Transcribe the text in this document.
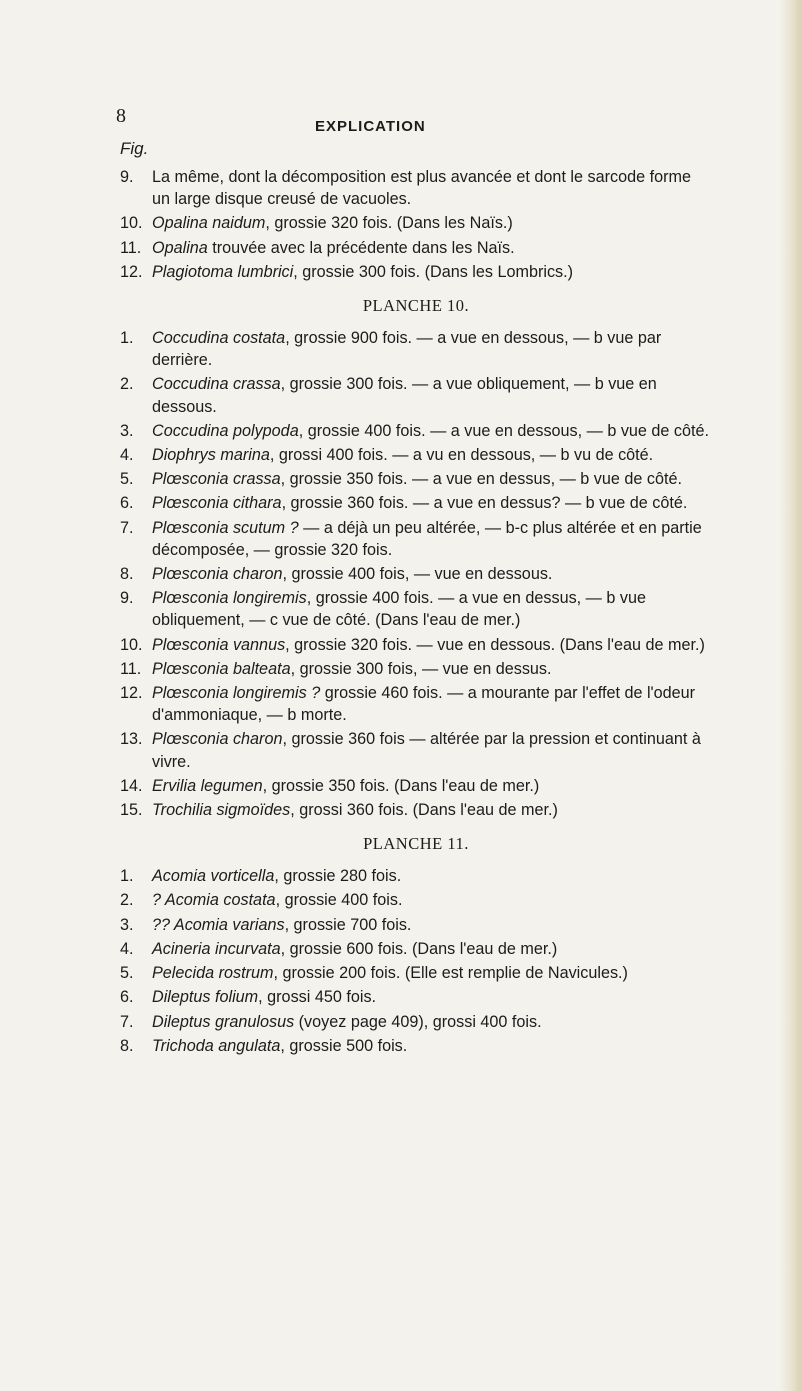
8	EXPLICATION
Fig.
9.	La même, dont la décomposition est plus avancée et dont le sarcode forme un large disque creusé de vacuoles.
10. Opalina naidum, grossie 320 fois. (Dans les Naïs.)
11. Opalina trouvée avec la précédente dans les Naïs.
12. Plagiotoma lumbrici, grossie 300 fois. (Dans les Lombrics.)
PLANCHE 10.
1.	Coccudina costata, grossie 900 fois. — a vue en dessous, — b vue par derrière.
2.	Coccudina crassa, grossie 300 fois. — a vue obliquement, — b vue en dessous.
3.	Coccudina polypoda, grossie 400 fois. — a vue en dessous, — b vue de côté.
4.	Diophrys marina, grossi 400 fois. — a vu en dessous, — b vu de côté.
5.	Plœsconia crassa, grossie 350 fois. — a vue en dessus, — b vue de côté.
6.	Plœsconia cithara, grossie 360 fois. — a vue en dessus? — b vue de côté.
7.	Plœsconia scutum ? — a déjà un peu altérée, — b-c plus altérée et en partie décomposée, — grossie 320 fois.
8.	Plœsconia charon, grossie 400 fois, — vue en dessous.
9.	Plœsconia longiremis, grossie 400 fois. — a vue en dessus, — b vue obliquement, — c vue de côté. (Dans l'eau de mer.)
10. Plœsconia vannus, grossie 320 fois. — vue en dessous. (Dans l'eau de mer.)
11. Plœsconia balteata, grossie 300 fois, — vue en dessus.
12. Plœsconia longiremis ? grossie 460 fois. — a mourante par l'effet de l'odeur d'ammoniaque, — b morte.
13. Plœsconia charon, grossie 360 fois — altérée par la pression et continuant à vivre.
14. Ervilia legumen, grossie 350 fois. (Dans l'eau de mer.)
15. Trochilia sigmoïdes, grossi 360 fois. (Dans l'eau de mer.)
PLANCHE 11.
1.	Acomia vorticella, grossie 280 fois.
2.	? Acomia costata, grossie 400 fois.
3.	?? Acomia varians, grossie 700 fois.
4.	Acineria incurvata, grossie 600 fois. (Dans l'eau de mer.)
5.	Pelecida rostrum, grossie 200 fois. (Elle est remplie de Navicules.)
6.	Dileptus folium, grossi 450 fois.
7.	Dileptus granulosus (voyez page 409), grossi 400 fois.
8.	Trichoda angulata, grossie 500 fois.
